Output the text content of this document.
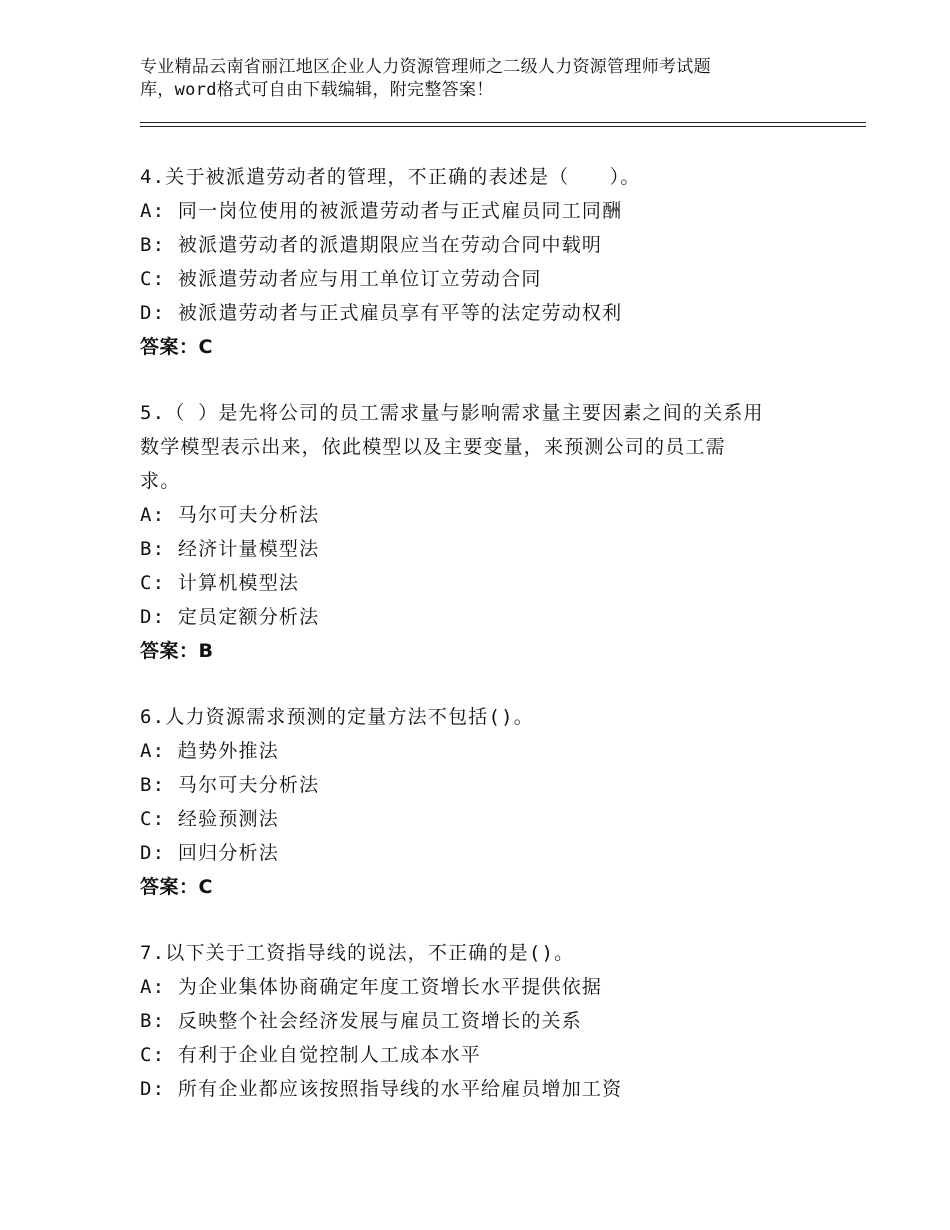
专业精品云南省丽江地区企业人力资源管理师之二级人力资源管理师考试题
库，word格式可自由下载编辑，附完整答案！
4.关于被派遣劳动者的管理，不正确的表述是（　　）。
A: 同一岗位使用的被派遣劳动者与正式雇员同工同酬
B: 被派遣劳动者的派遣期限应当在劳动合同中载明
C: 被派遣劳动者应与用工单位订立劳动合同
D: 被派遣劳动者与正式雇员享有平等的法定劳动权利
答案：C
5.（ ）是先将公司的员工需求量与影响需求量主要因素之间的关系用
数学模型表示出来，依此模型以及主要变量，来预测公司的员工需
求。
A: 马尔可夫分析法
B: 经济计量模型法
C: 计算机模型法
D: 定员定额分析法
答案：B
6.人力资源需求预测的定量方法不包括()。
A: 趋势外推法
B: 马尔可夫分析法
C: 经验预测法
D: 回归分析法
答案：C
7.以下关于工资指导线的说法，不正确的是()。
A: 为企业集体协商确定年度工资增长水平提供依据
B: 反映整个社会经济发展与雇员工资增长的关系
C: 有利于企业自觉控制人工成本水平
D: 所有企业都应该按照指导线的水平给雇员增加工资
